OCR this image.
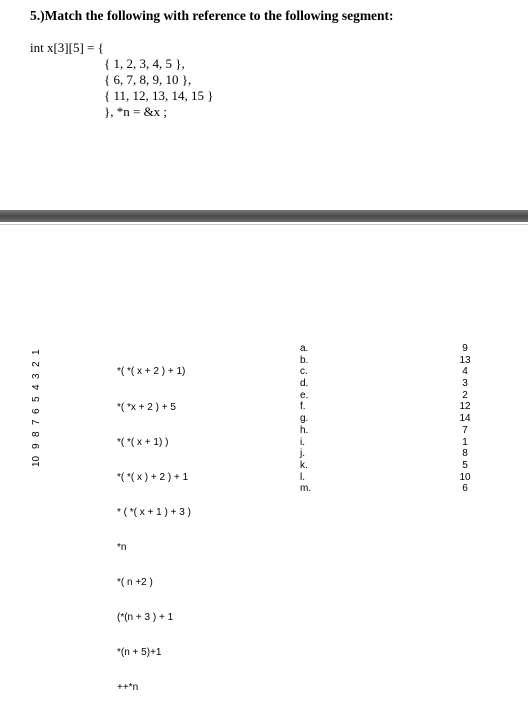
5.)Match the following with reference to the following segment:
int x[3][5] = {
{ 1, 2, 3, 4, 5 },
{ 6, 7, 8, 9, 10 },
{ 11, 12, 13, 14, 15 }
}, *n = &x ;
1
2
3
4
5
6
7
8
9
10

*( *( x + 2 ) + 1)

*( *x + 2 ) + 5

*( *( x + 1) )

*( *( x ) + 2 ) + 1

* ( *( x + 1 ) + 3 )

*n

*( n +2 )

(*(n + 3 ) + 1

*(n + 5)+1

++*n

a.
b.
c.
d.
e.
f.
g.
h.
i.
j.
k.
l.
m.
9
13
4
3
2
12
14
7
1
8
5
10
6
